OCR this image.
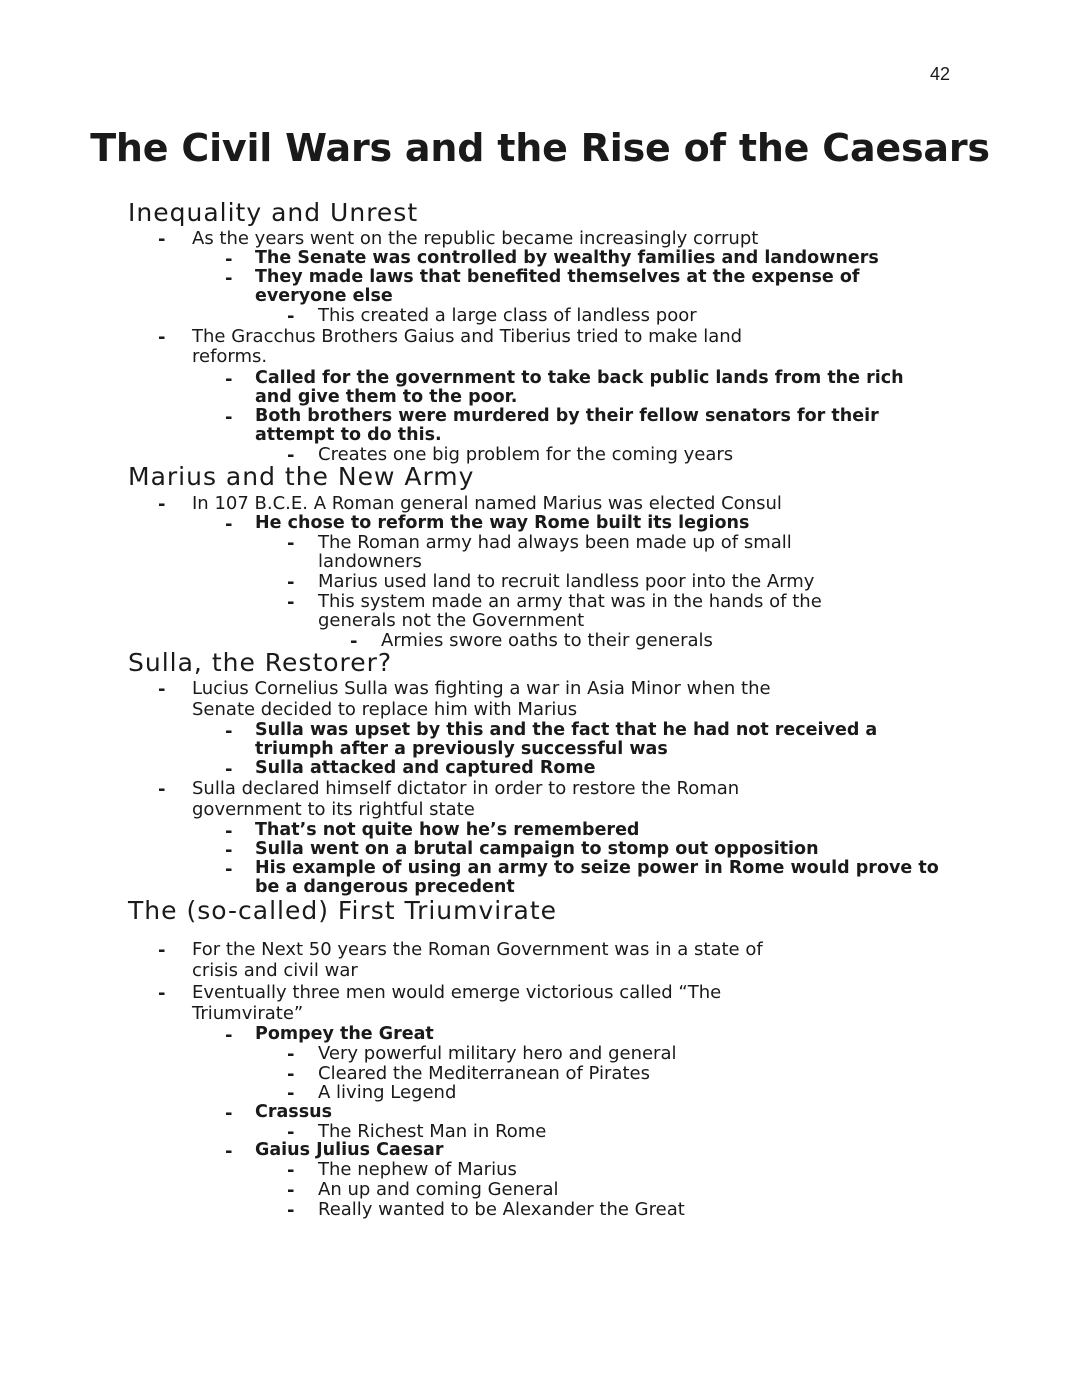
42
The Civil Wars and the Rise of the Caesars
Inequality and Unrest
- As the years went on the republic became increasingly corrupt
- The Senate was controlled by wealthy families and landowners
- They made laws that benefited themselves at the expense of
everyone else
- This created a large class of landless poor
- The Gracchus Brothers Gaius and Tiberius tried to make land
reforms.
- Called for the government to take back public lands from the rich
and give them to the poor.
- Both brothers were murdered by their fellow senators for their
attempt to do this.
- Creates one big problem for the coming years
Marius and the New Army
- In 107 B.C.E. A Roman general named Marius was elected Consul
- He chose to reform the way Rome built its legions
- The Roman army had always been made up of small
landowners
- Marius used land to recruit landless poor into the Army
- This system made an army that was in the hands of the
generals not the Government
- Armies swore oaths to their generals
Sulla, the Restorer?
- Lucius Cornelius Sulla was fighting a war in Asia Minor when the
Senate decided to replace him with Marius
- Sulla was upset by this and the fact that he had not received a
triumph after a previously successful was
- Sulla attacked and captured Rome
- Sulla declared himself dictator in order to restore the Roman
government to its rightful state
- That’s not quite how he’s remembered
- Sulla went on a brutal campaign to stomp out opposition
- His example of using an army to seize power in Rome would prove to
be a dangerous precedent
The (so-called) First Triumvirate
- For the Next 50 years the Roman Government was in a state of
crisis and civil war
- Eventually three men would emerge victorious called “The
Triumvirate”
- Pompey the Great
- Very powerful military hero and general
- Cleared the Mediterranean of Pirates
- A living Legend
- Crassus
- The Richest Man in Rome
- Gaius Julius Caesar
- The nephew of Marius
- An up and coming General
- Really wanted to be Alexander the Great
